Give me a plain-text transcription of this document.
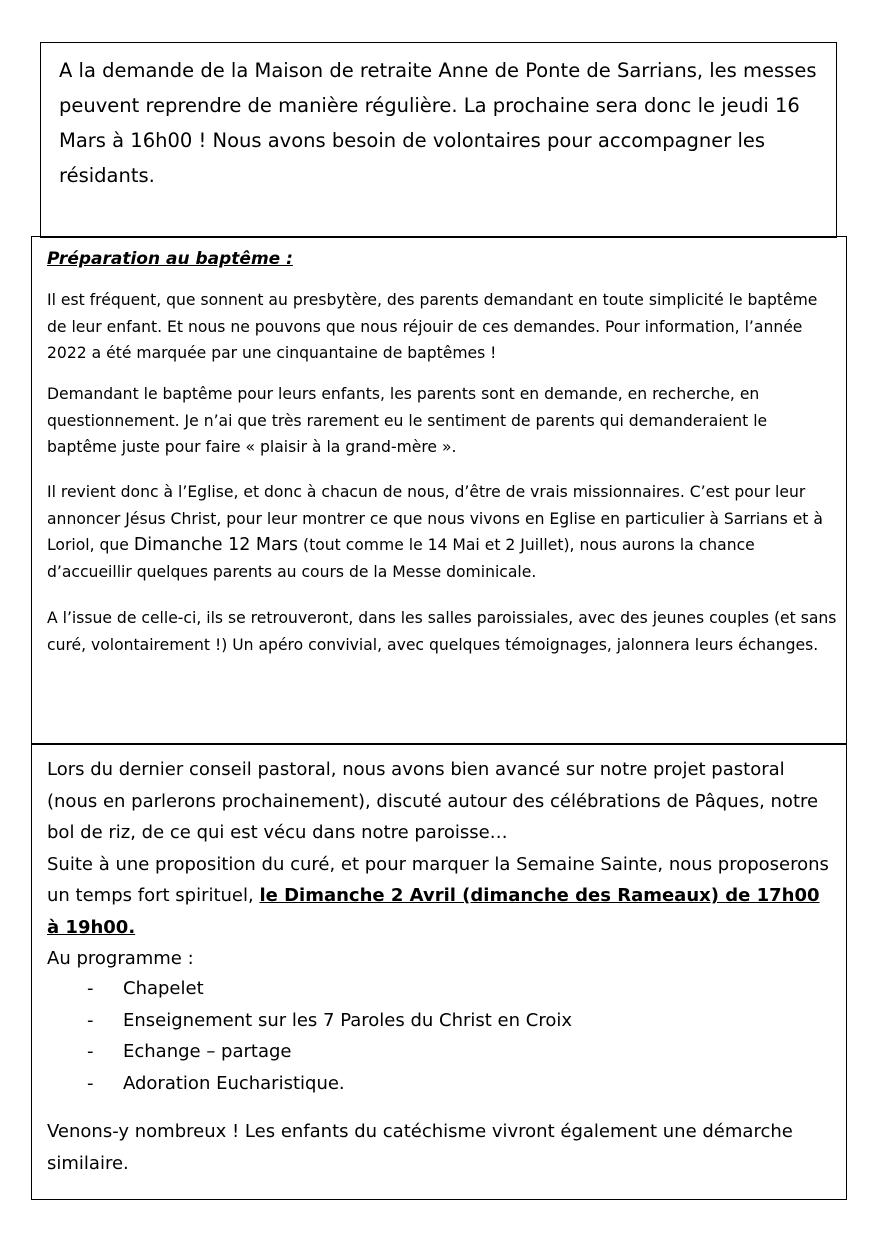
A la demande de la Maison de retraite Anne de Ponte de Sarrians, les messes peuvent reprendre de manière régulière. La prochaine sera donc le jeudi 16 Mars à 16h00 ! Nous avons besoin de volontaires pour accompagner les résidants.

Préparation au baptême :

Il est fréquent, que sonnent au presbytère, des parents demandant en toute simplicité le baptême de leur enfant. Et nous ne pouvons que nous réjouir de ces demandes. Pour information, l’année 2022 a été marquée par une cinquantaine de baptêmes !

Demandant le baptême pour leurs enfants, les parents sont en demande, en recherche, en questionnement. Je n’ai que très rarement eu le sentiment de parents qui demanderaient le baptême juste pour faire « plaisir à la grand-mère ».

Il revient donc à l’Eglise, et donc à chacun de nous, d’être de vrais missionnaires. C’est pour leur annoncer Jésus Christ, pour leur montrer ce que nous vivons en Eglise en particulier à Sarrians et à Loriol, que Dimanche 12 Mars (tout comme le 14 Mai et 2 Juillet), nous aurons la chance d’accueillir quelques parents au cours de la Messe dominicale.

A l’issue de celle-ci, ils se retrouveront, dans les salles paroissiales, avec des jeunes couples (et sans curé, volontairement !) Un apéro convivial, avec quelques témoignages, jalonnera leurs échanges.

Lors du dernier conseil pastoral, nous avons bien avancé sur notre projet pastoral (nous en parlerons prochainement), discuté autour des célébrations de Pâques, notre bol de riz, de ce qui est vécu dans notre paroisse…
Suite à une proposition du curé, et pour marquer la Semaine Sainte, nous proposerons un temps fort spirituel, le Dimanche 2 Avril (dimanche des Rameaux) de 17h00 à 19h00.
Au programme :

- Chapelet
- Enseignement sur les 7 Paroles du Christ en Croix
- Echange – partage
- Adoration Eucharistique.

Venons-y nombreux ! Les enfants du catéchisme vivront également une démarche similaire.
